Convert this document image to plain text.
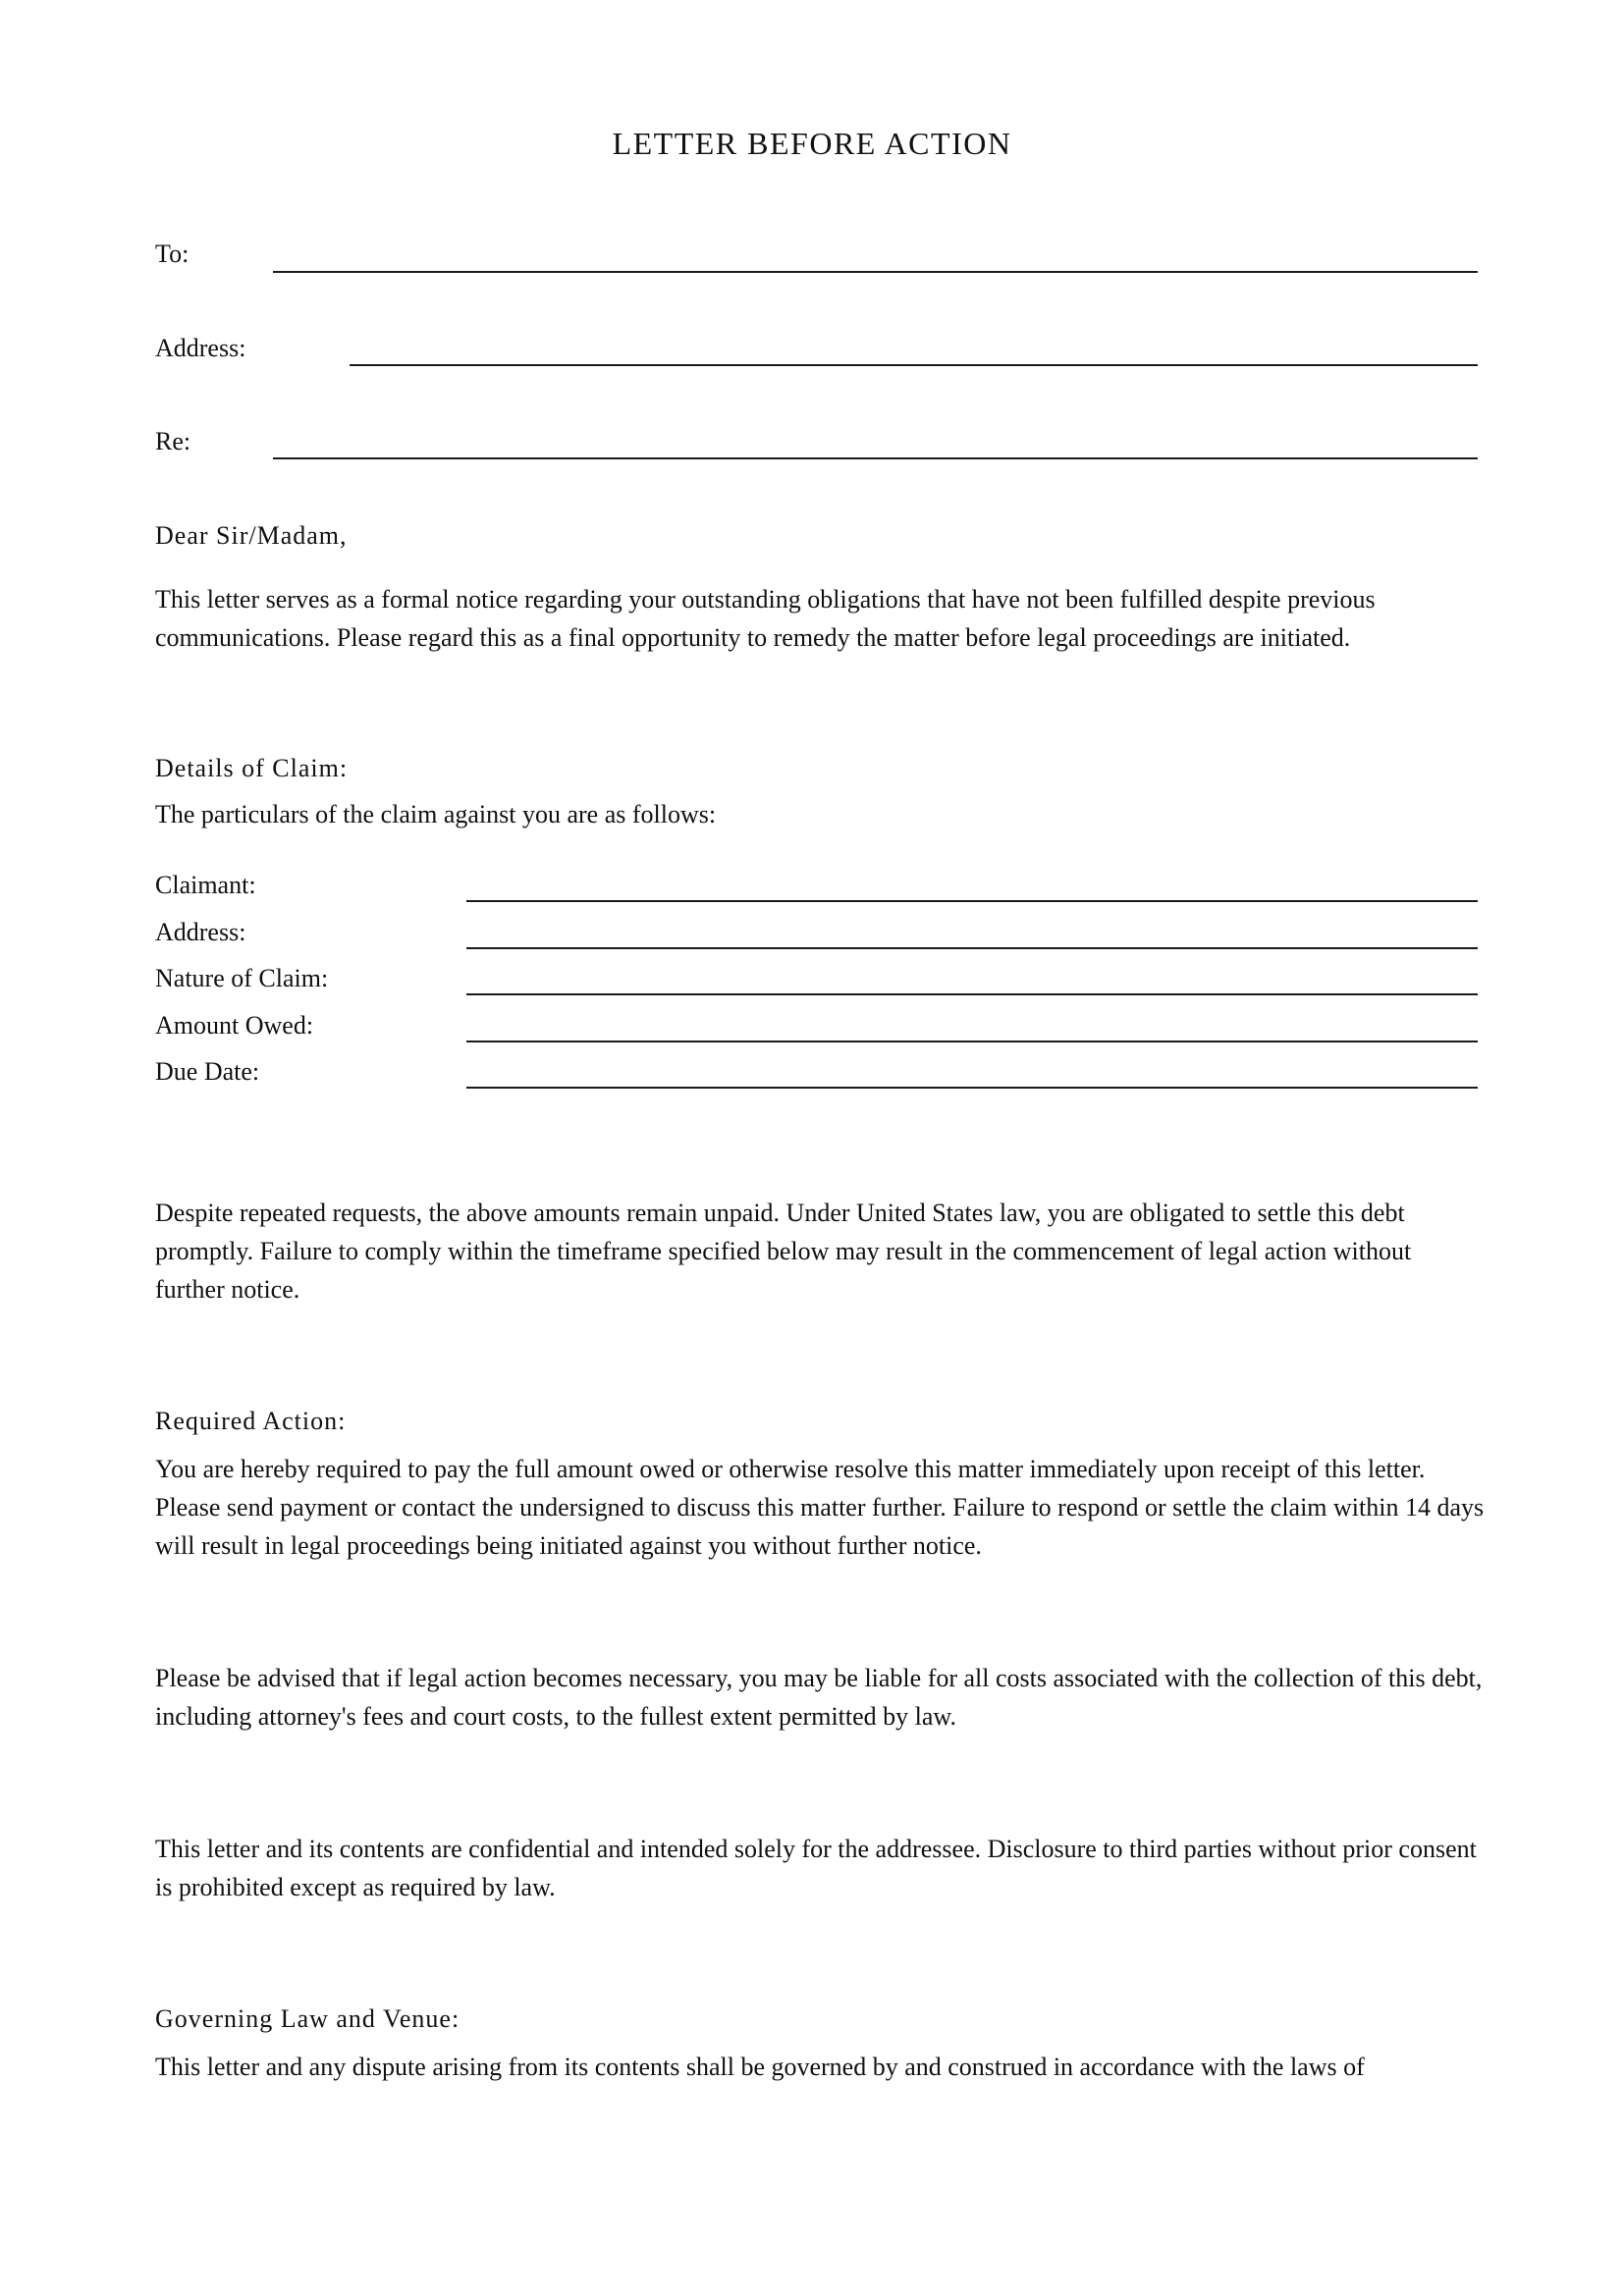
LETTER BEFORE ACTION
To:
Address:
Re:
Dear Sir/Madam,
This letter serves as a formal notice regarding your outstanding obligations that have not been fulfilled despite previous communications. Please regard this as a final opportunity to remedy the matter before legal proceedings are initiated.
Details of Claim:
The particulars of the claim against you are as follows:
Claimant:
Address:
Nature of Claim:
Amount Owed:
Due Date:
Despite repeated requests, the above amounts remain unpaid. Under United States law, you are obligated to settle this debt promptly. Failure to comply within the timeframe specified below may result in the commencement of legal action without further notice.
Required Action:
You are hereby required to pay the full amount owed or otherwise resolve this matter immediately upon receipt of this letter. Please send payment or contact the undersigned to discuss this matter further. Failure to respond or settle the claim within 14 days will result in legal proceedings being initiated against you without further notice.
Please be advised that if legal action becomes necessary, you may be liable for all costs associated with the collection of this debt, including attorney's fees and court costs, to the fullest extent permitted by law.
This letter and its contents are confidential and intended solely for the addressee. Disclosure to third parties without prior consent is prohibited except as required by law.
Governing Law and Venue:
This letter and any dispute arising from its contents shall be governed by and construed in accordance with the laws of
